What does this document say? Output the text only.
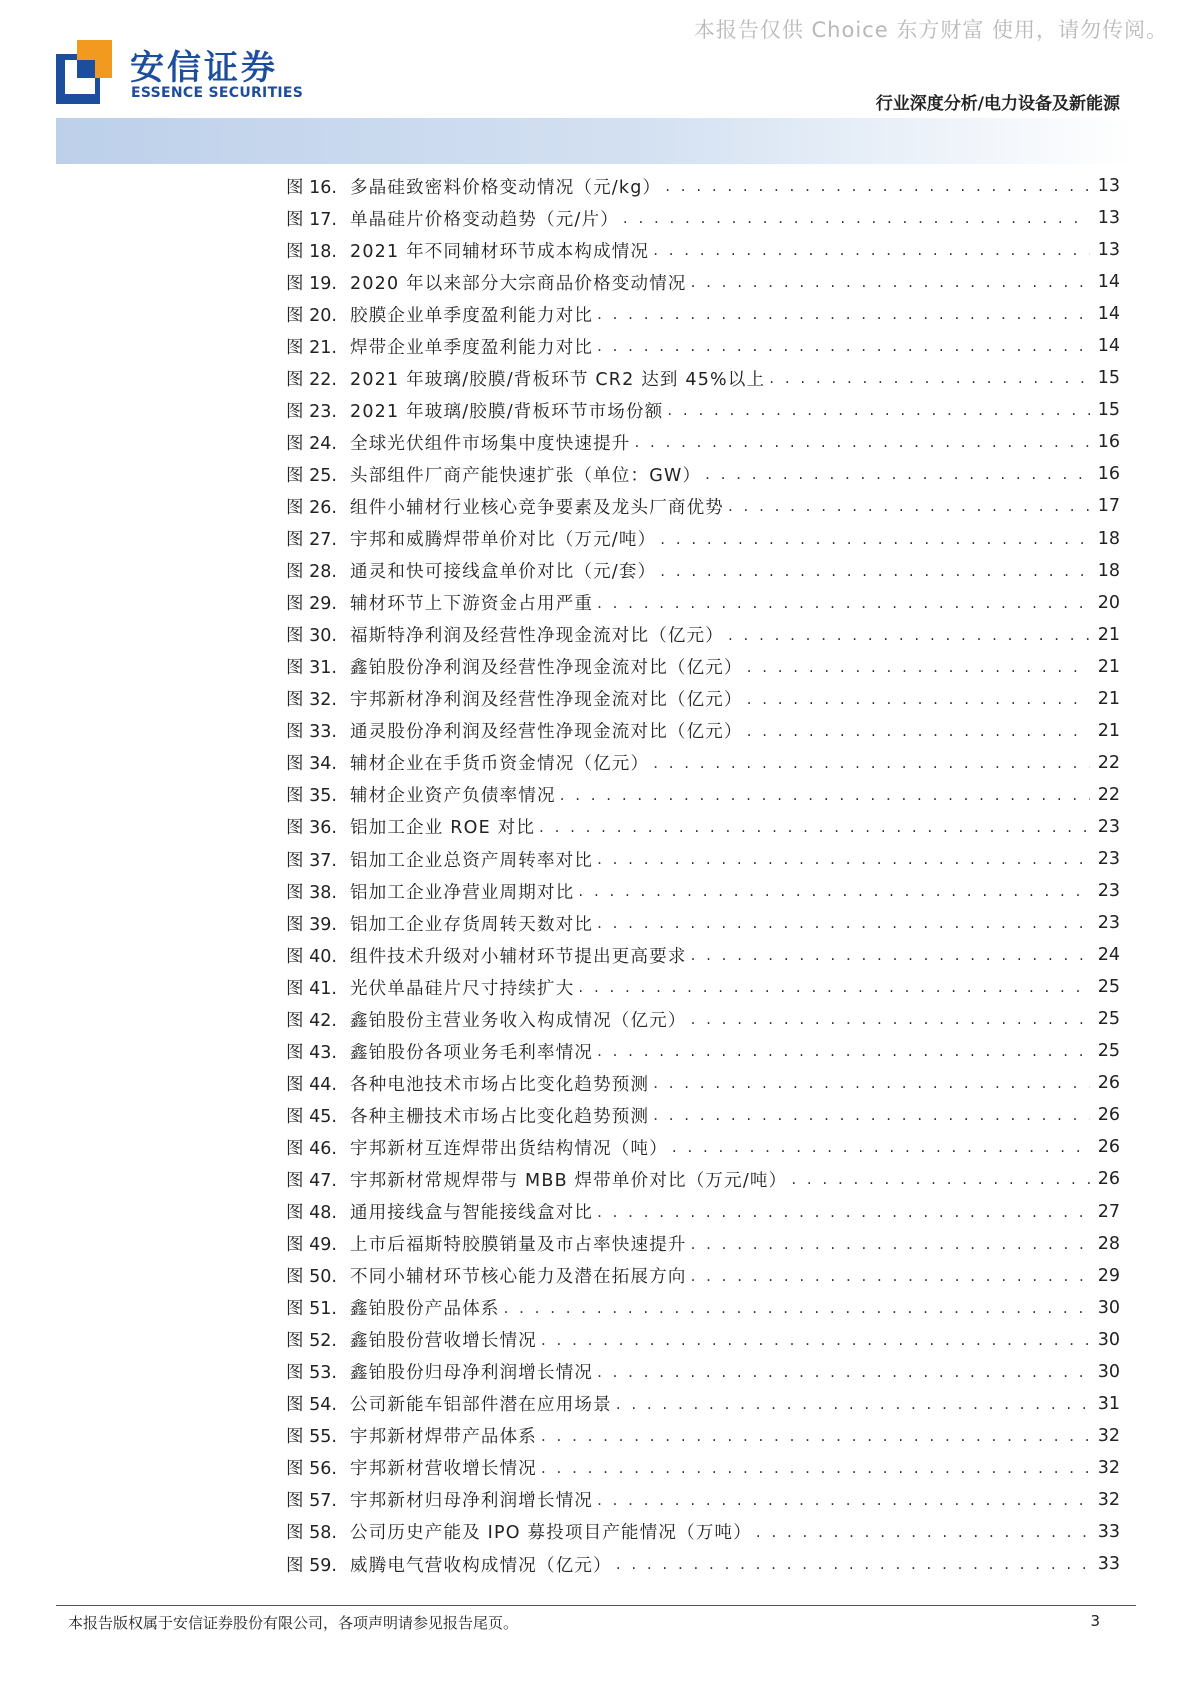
本报告仅供 Choice 东方财富 使用，请勿传阅。
安信证券
ESSENCE SECURITIES
行业深度分析/电力设备及新能源
图 16. 多晶硅致密料价格变动情况（元/kg） . . .	13
图 17. 单晶硅片价格变动趋势（元/片） . . .	13
图 18. 2021 年不同辅材环节成本构成情况 . . .	13
图 19. 2020 年以来部分大宗商品价格变动情况 . . .	14
图 20. 胶膜企业单季度盈利能力对比 . . .	14
图 21. 焊带企业单季度盈利能力对比 . . .	14
图 22. 2021 年玻璃/胶膜/背板环节 CR2 达到 45%以上 . . .	15
图 23. 2021 年玻璃/胶膜/背板环节市场份额 . . .	15
图 24. 全球光伏组件市场集中度快速提升 . . .	16
图 25. 头部组件厂商产能快速扩张（单位：GW） . . .	16
图 26. 组件小辅材行业核心竞争要素及龙头厂商优势 . . .	17
图 27. 宇邦和威腾焊带单价对比（万元/吨） . . .	18
图 28. 通灵和快可接线盒单价对比（元/套） . . .	18
图 29. 辅材环节上下游资金占用严重 . . .	20
图 30. 福斯特净利润及经营性净现金流对比（亿元） . . .	21
图 31. 鑫铂股份净利润及经营性净现金流对比（亿元） . . .	21
图 32. 宇邦新材净利润及经营性净现金流对比（亿元） . . .	21
图 33. 通灵股份净利润及经营性净现金流对比（亿元） . . .	21
图 34. 辅材企业在手货币资金情况（亿元） . . .	22
图 35. 辅材企业资产负债率情况 . . .	22
图 36. 铝加工企业 ROE 对比 . . .	23
图 37. 铝加工企业总资产周转率对比 . . .	23
图 38. 铝加工企业净营业周期对比 . . .	23
图 39. 铝加工企业存货周转天数对比 . . .	23
图 40. 组件技术升级对小辅材环节提出更高要求 . . .	24
图 41. 光伏单晶硅片尺寸持续扩大 . . .	25
图 42. 鑫铂股份主营业务收入构成情况（亿元） . . .	25
图 43. 鑫铂股份各项业务毛利率情况 . . .	25
图 44. 各种电池技术市场占比变化趋势预测 . . .	26
图 45. 各种主栅技术市场占比变化趋势预测 . . .	26
图 46. 宇邦新材互连焊带出货结构情况（吨） . . .	26
图 47. 宇邦新材常规焊带与 MBB 焊带单价对比（万元/吨） . . .	26
图 48. 通用接线盒与智能接线盒对比 . . .	27
图 49. 上市后福斯特胶膜销量及市占率快速提升 . . .	28
图 50. 不同小辅材环节核心能力及潜在拓展方向 . . .	29
图 51. 鑫铂股份产品体系 . . .	30
图 52. 鑫铂股份营收增长情况 . . .	30
图 53. 鑫铂股份归母净利润增长情况 . . .	30
图 54. 公司新能车铝部件潜在应用场景 . . .	31
图 55. 宇邦新材焊带产品体系 . . .	32
图 56. 宇邦新材营收增长情况 . . .	32
图 57. 宇邦新材归母净利润增长情况 . . .	32
图 58. 公司历史产能及 IPO 募投项目产能情况（万吨） . . .	33
图 59. 威腾电气营收构成情况（亿元） . . .	33
本报告版权属于安信证券股份有限公司，各项声明请参见报告尾页。	3
